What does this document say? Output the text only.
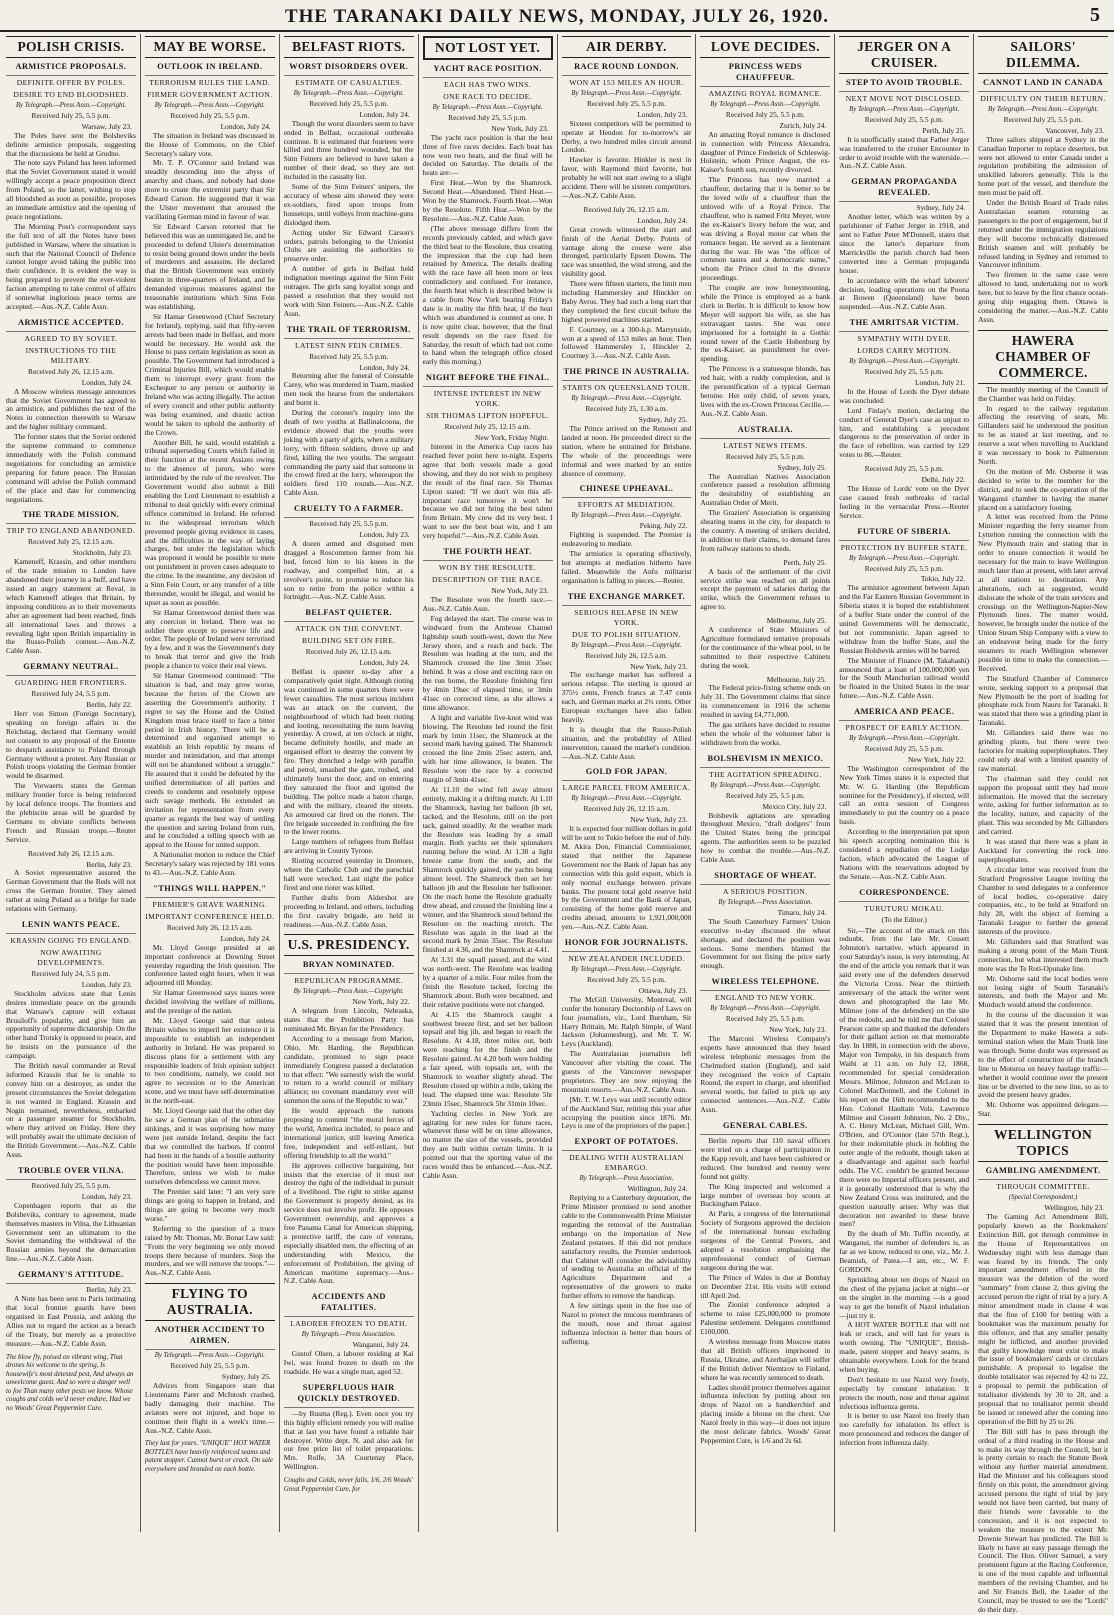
THE TARANAKI DAILY NEWS, MONDAY, JULY 26, 1920.	5
POLISH CRISIS.
ARMISTICE PROPOSALS.
DEFINITE OFFER BY POLES.
DESIRE TO END BLOODSHED.
By Telegraph.—Press Assn.—Copyright.
Received July 25, 5.5 p.m.
Warsaw, July 23.

The Poles have sent the Bolsheviks definite armistice proposals, suggesting that the discussions be held at Grodno.

The note says Poland has been informed that the Soviet Government stated it would willingly accept a peace proposition direct from Poland, so the latter, wishing to stop all bloodshed as soon as possible, proposes an immediate armistice and the opening of peace negotiations.

The Morning Post's correspondent says the full text of all the Notes have been published in Warsaw, where the situation is such that the National Council of Defence cannot longer avoid taking the public into their confidence. It is evident the way is being prepared to prevent the ever-violent faction attempting to take control of affairs if somewhat inglorious peace terms are accepted.—Aus.-N.Z. Cable Assn.

ARMISTICE ACCEPTED.
AGREED TO BY SOVIET.
INSTRUCTIONS TO THE MILITARY.
Received July 26, 12.15 a.m.
London, July 24.

A Moscow wireless message announces that the Soviet Government has agreed to an armistice, and publishes the text of the Notes in connection therewith to Warsaw and the higher military command.

The former states that the Soviet ordered the supreme command to commence immediately with the Polish command negotiations for concluding an armistice preparing for future peace. The Russian command will advise the Polish command of the place and date for commencing negotiations.

THE TRADE MISSION.
TRIP TO ENGLAND ABANDONED.
Received July 25, 12.15 a.m.
Stockholm, July 23.

Kameneff, Krassin, and other members of the trade mission to London have abandoned their journey in a huff, and have issued an angry statement at Reval, in which Kameneff alleges that Britain, by imposing conditions as to their movements after an agreement had been reached, finds all international laws and throws a revealing light upon British impartiality in the Russo-Polish contest.—Aus.-N.Z. Cable Assn.

GERMANY NEUTRAL.
GUARDING HER FRONTIERS.
Received July 24, 5.5 p.m.
Berlin, July 22.

Herr von Simon (Foreign Secretary), speaking on foreign affairs in the Reichstag, declared that Germany would not consent to any proposal of the Entente to despatch assistance to Poland through Germany without a protest. Any Russian or Polish troops violating the German frontier would be disarmed.

The Vorwaerts states the German military frontier force is being reinforced by local defence troops. The frontiers and the plebiscite areas will be guarded by Germans to obviate conflicts between French and Russian troops.—Reuter Service.

Received July 26, 12.15 a.m.
Berlin, July 23.

A Soviet representative assured the German Government that the Reds will not cross the German frontier. They aimed rather at using Poland as a bridge for trade relations with Germany.

LENIN WANTS PEACE.
KRASSIN GOING TO ENGLAND.
NOW AWAITING DEVELOPMENTS.
Received July 24, 5.5 p.m.
London, July 23.

Stockholm advices state that Lenin desires immediate peace on the grounds that Warsaw's capture will exhaust Brusiloff's popularity, and give him an opportunity of supreme dictatorship. On the other hand Trotsky is opposed to peace, and he insists on the pursuance of the campaign.

The British naval commander at Reval informed Krassin that he is unable to convey him on a destroyer, as under the present circumstances the Soviet delegation is not wanted in England. Krassin and Nogin remained, nevertheless, embarked on a passenger steamer for Stockholm, where they arrived on Friday. Here they will probably await the ultimate decision of the British Government.—Aus.-N.Z. Cable Assn.

TROUBLE OVER VILNA.
Received July 25, 5.5 p.m.
London, July 23.

Copenhagen reports that as the Bolsheviks, contrary to agreement, made themselves masters in Vilna, the Lithuanian Government sent an ultimatum to the Soviet demanding the withdrawal of the Russian armies beyond the demarcation line.—Aus.-N.Z. Cable Assn.

GERMANY'S ATTITUDE.
Berlin, July 23.

A Note has been sent to Paris intimating that local frontier guards have been organised in East Prussia, and asking the Allies not to regard the action as a breach of the Treaty, but merely as a protective measure.—Aus.-N.Z. Cable Assn.

The blow fly, poised on vibrant wing, That drones his welcome to the spring, Is housewife's most detested pest, And always an unwelcome guest. And so were a danger well to foe Than many other pests we know. Whose coughs and colds we'd never endure, Had we no Woods' Great Peppermint Cure.
MAY BE WORSE.
OUTLOOK IN IRELAND.
TERRORISM RULES THE LAND.
FIRMER GOVERNMENT ACTION.
By Telegraph.—Press Assn.—Copyright.
Received July 25, 5.5 p.m.
London, July 24.

The situation in Ireland was discussed in the House of Commons, on the Chief Secretary's salary vote.

Mr. T. P. O'Connor said Ireland was steadily descending into the abyss of anarchy and chaos, and nobody had done more to create the extremist party than Sir Edward Carson. He suggested that it was the Ulster movement that aroused the vacillating German mind in favour of war.

Sir Edward Carson retorted that he believed this was an unmitigated lie, and he proceeded to defend Ulster's determination to resist being ground down under the heels of murderers and assassins. He declared that the British Government was entirely beaten in three-quarters of Ireland, and he demanded vigorous measures against the treasonable institutions which Sinn Fein was establishing.

Sir Hamar Greenwood (Chief Secretary for Ireland), replying, said that fifty-seven arrests had been made in Belfast, and more would be necessary. He would ask the House to pass certain legislation as soon as possible. The Government had introduced a Criminal Injuries Bill, which would enable them to interrupt every grant from the Exchequer to any person or authority in Ireland who was acting illegally. The action of every council and other public authority was being examined, and drastic action would be taken to uphold the authority of the Crown.

Another Bill, he said, would establish a tribunal superseding Courts which failed in their function at the recent Assizes owing to the absence of jurors, who were intimidated by the rule of the revolver. The Government would also submit a Bill enabling the Lord Lieutenant to establish a tribunal to deal quickly with every criminal offence committed in Ireland. He referred to the widespread terrorism which prevented people giving evidence in cases, and the difficulties in the way of laying charges, but under the legislation which was proposed it would be possible to mete out punishment in proven cases adequate to the crime. In the meantime, any decision of a Sinn Fein Court, or any transfer of a title thereunder, would be illegal, and would be upset as soon as possible.

Sir Hamar Greenwood denied there was any coercion in Ireland. There was no soldier there except to preserve life and order. The people of Ireland were terrorised by a few, and it was the Government's duty to break that terror and give the Irish people a chance to voice their real views.

Sir Hamar Greenwood continued: "The situation is bad, and may grow worse, because the forces of the Crown are asserting the Government's authority. I regret to say the House and the United Kingdom must brace itself to face a bitter period in Irish history. There will be a determined and organised attempt to establish an Irish republic by means of murder and intimidation, and that attempt will not be abandoned without a struggle." He assured that it could be defeated by the unified determination of all parties and creeds to condemn and resolutely oppose such savage methods. He extended an invitation for representation from every quarter as regards the best way of settling the question and saving Ireland from ruin, and he concluded a telling speech with an appeal to the House for united support.

A Nationalist motion to reduce the Chief Secretary's salary was rejected by 181 votes to 43.—Aus.-N.Z. Cable Assn.

"THINGS WILL HAPPEN."
PREMIER'S GRAVE WARNING.
IMPORTANT CONFERENCE HELD.
Received July 26, 12.15 a.m.
London, July 24.

Mr. Lloyd George presided at an important conference at Downing Street yesterday regarding the Irish question. The conference lasted eight hours, when it was adjourned till Monday.

Sir Hamar Greenwood says issues were decided involving the welfare of millions, and the prestige of the nation.

Mr. Lloyd George said that unless Britain wishes to imperil her existence it is impossible to establish an independent authority in Ireland. He was prepared to discuss plans for a settlement with any responsible leaders of Irish opinion subject to two conditions, namely, we could not agree to secession or to the American scene, and we must have self-determination in the north-east.

Mr. Lloyd George said that the other day he saw a German plan of the submarine sinkings, and it was surprising how many were just outside Ireland, despite the fact that we controlled the harbors. If control had been in the hands of a hostile authority the position would have been impossible. Therefore, unless we wish to make ourselves defenceless we cannot move.

The Premier said later: "I am very sure things are going to happen in Ireland, and things are going to become very much worse."

Referring to the question of a truce raised by Mr. Thomas, Mr. Bonar Law said: "From the very beginning we only moved troops there because of murders. Stop the murders, and we will remove the troops."—Aus.-N.Z. Cable Assn.

FLYING TO AUSTRALIA.
ANOTHER ACCIDENT TO AIRMEN.
By Telegraph.—Press Assn.—Copyright.
Received July 25, 5.5 p.m.
Sydney, July 25.

Advices from Singapore state that Lieutenants Parer and McIntosh crashed, badly damaging their machine. The aviators were not injured, and hope to continue their flight in a week's time.—Aus.-N.Z. Cable Assn.

They last for years. "UNIQUE" HOT WATER BOTTLES have heavily reinforced seams and patent stopper. Cannot burst or crack. On sale everywhere and branded on each bottle.
BELFAST RIOTS.
WORST DISORDERS OVER.
ESTIMATE OF CASUALTIES.
By Telegraph.—Press Assn.—Copyright.
Received July 25, 5.5 p.m.
London, July 24.

Though the worst disorders seem to have ended in Belfast, occasional outbreaks continue. It is estimated that fourteen were killed and three hundred wounded, but the Sinn Feiners are believed to have taken a number of their dead, so they are not included in the casualty list.

Some of the Sinn Feiners' snipers, the accuracy of whose aim showed they were ex-soldiers, fired upon troops from housetops, until volleys from machine-guns dislodged them.

Acting under Sir Edward Carson's orders, patrols belonging to the Unionist Clubs are assisting the authorities to preserve order.

A number of girls in Belfast held indignation meetings against the Sinn Fein outrages. The girls sang loyalist songs and passed a resolution that they would not work with Sinn Feiners.—Aus.-N.Z. Cable Assn.

THE TRAIL OF TERRORISM.
LATEST SINN FEIN CRIMES.
Received July 25, 5.5 p.m.
London, July 24.

Returning after the funeral of Constable Carey, who was murdered in Tuam, masked men took the hearse from the undertakers and burnt it.

During the coroner's inquiry into the death of two youths at Ballinalcoona, the evidence showed that the youths were joking with a party of girls, when a military lorry, with fifteen soldiers, drove up and fired, killing the two youths. The sergeant commanding the party said that someone in the crowd fired at the lorry, whereupon the soldiers fired 110 rounds.—Aus.-N.Z. Cable Assn.

CRUELTY TO A FARMER.
Received July 25, 5.5 p.m.
London, July 23.

A dozen armed and disguised men dragged a Roscommon farmer from his bed, forced him to his knees in the roadway, and compelled him, at a revolver's point, to promise to induce his son to retire from the police within a fortnight.—Aus.-N.Z. Cable Assn.

BELFAST QUIETER.
ATTACK ON THE CONVENT.
BUILDING SET ON FIRE.
Received July 26, 12.15 a.m.
London, July 24.

Belfast is quieter to-day after a comparatively quiet night. Although rioting was continued in some quarters there were fewer casualties. The most serious incident was an attack on the convent, the neighbourhood of which had been rioting and looting, necessitating the nuns leaving yesterday. A crowd, at ten o'clock at night, became definitely hostile, and made an organised effort to destroy the convent by fire. They drenched a ledge with paraffin and petrol, smashed the gate, rushed, and ultimately burst the door, and on entering they saturated the floor and ignited the building. The police made a baton charge, and with the military, cleared the streets. An armoured car fired on the rioters. The fire brigade succeeded in confining the fire to the lower rooms.

Large numbers of refugees from Belfast are arriving in County Tyrone.

Rioting occurred yesterday in Dromore, where the Catholic Club and the parochial hall were wrecked. Last night the police fired and one rioter was killed.

Further drafts from Aldershot are proceeding to Ireland, and others, including the first cavalry brigade, are held in readiness.—Aus.-N.Z. Cable Assn.

U.S. PRESIDENCY.
BRYAN NOMINATED.
REPUBLICAN PROGRAMME.
By Telegraph.—Press Assn.—Copyright.
New York, July 22.

A telegram from Lincoln, Nebraska, states that the Prohibition Party has nominated Mr. Bryan for the Presidency.

According to a message from Marion, Ohio, Mr. Harding, the Republican candidate, promised to sign peace immediately Congress passed a declaration to that effect: "We earnestly wish the world to return to a world council or military alliance; no covenant mandatory ever will summon the sons of the Republic to war."

He would approach the nations proposing to commit "the moral forces of the world, America included, to peace and international justice, still leaving America free, independent and self-reliant, but offering friendship to all the world."

He approves collective bargaining, but insists that the exercise of it must not destroy the right of the individual in pursuit of a livelihood. The right to strike against the Government is properly denied, as its service does not involve profit. He opposes Government ownership, and approves a free Panama Canal for American shipping, a protective tariff, the care of veterans, especially disabled men, the effecting of an understanding with Mexico, the enforcement of Prohibition, the giving of American maritime supremacy.—Aus.-N.Z. Cable Assn.

ACCIDENTS AND FATALITIES.
LABORER FROZEN TO DEATH.
By Telegraph.—Press Association.
Wanganui, July 24.

Gustof Olsen, a laborer residing at Kai Iwi, was found frozen to death on the roadside. He was a single man, aged 52.

SUPERFLUOUS HAIR QUICKLY DESTROYED.

—by Rusma (Reg.). Even once you try this highly efficient remedy you will realise that at last you have found a reliable hair destroyer. Write dept. N. and also ask for our free price list of toilet preparations. Mrs. Rolfe, 3A Courtenay Place, Wellington.

Coughs and Colds, never fails, 1/6, 2/6 Woods' Great Peppermint Cure, for
NOT LOST YET.
YACHT RACE POSITION.
EACH HAS TWO WINS.
ONE RACE TO DECIDE.
By Telegraph.—Press Assn.—Copyright.
Received July 25, 5.5 p.m.
New York, July 23.

The yacht race position is that the best three of five races decides. Each boat has now won two heats, and the final will be decided on Saturday. The details of the heats are:—

First Heat.—Won by the Shamrock. Second Heat.—Abandoned. Third Heat.—Won by the Shamrock. Fourth Heat.—Won by the Resolute. Fifth Heat.—Won by the Resolute.—Aus.-N.Z. Cable Assn.

(The above message differs from the records previously cabled, and which gave the third heat to the Resolute, thus creating the impression that the cup had been retained by America. The details dealing with the race have all been more or less contradictory and confused. For instance, the fourth heat which is described below is a cable from New York bearing Friday's date is in reality the fifth heat, if the heat which was abandoned is counted as one. It is now quite clear, however, that the final result depends on the race fixed for Saturday, the result of which had not come to hand when the telegraph office closed early this morning.)

NIGHT BEFORE THE FINAL.
INTENSE INTEREST IN NEW YORK.
SIR THOMAS LIPTON HOPEFUL.
Received July 25, 12.15 a.m.
New York, Friday Night.

Interest in the America Cup races has reached fever point here to-night. Experts agree that both vessels made a good showing, and they do not wish to prophesy the result of the final race. Sir Thomas Lipton stated: "If we don't win this all-important race tomorrow it won't be because we did not bring the best talent from Britain. My crew did its very best. I want to see the best boat win, and I am very hopeful."—Aus.-N.Z. Cable Assn.

THE FOURTH HEAT.
WON BY THE RESOLUTE.
DESCRIPTION OF THE RACE.
New York, July 23.

The Resolute won the fourth race.—Aus.-N.Z. Cable Assn.

Fog delayed the start. The course was to windward from the Ambrose Channel lightship south south-west, down the New Jersey shore, and a reach and back. The Resolute was leading at the turn, and the Shamrock crossed the line 3min 35sec behind. It was a close and exciting race on the run home, the Resolute finishing first by 4min 19sec of elapsed time, or 3min 41sec on corrected time, as she allows a time allowance.

A light and variable five-knot wind was blowing. The Resolute led round the first mark by 1min 11sec, the Shamrock at the second mark having gained. The Shamrock crossed the line 2min 25sec astern, and, with her time allowance, is beaten. The Resolute won the race by a corrected margin of 3min 41sec.

At 11.10 the wind fell away almost entirely, making it a drifting match. At 1.10 the Shamrock, having her balloon jib set, tacked, and the Resolute, still on the port tack, gained steadily. At the weather mark the Resolute was leading by a small margin. Both yachts set their spinnakers running before the wind. At 1.30 a light breeze came from the south, and the Shamrock quickly gained, the yachts being almost level. The Shamrock then set her balloon jib and the Resolute her ballooner. On the reach home the Resolute gradually drew ahead, and crossed the finishing line a winner, and the Shamrock stood behind the Resolute on the reaching stretch. The Resolute was again in the lead at the second mark by 2min 35sec. The Resolute finished at 4.36, and the Shamrock at 4.41.

At 3.31 the squall passed, and the wind was north-west. The Resolute was leading by a quarter of a mile. Four miles from the finish the Resolute tacked, forcing the Shamrock about. Both were becalmed, and their relative positions were not changed.

At 4.15 the Shamrock caught a southwest breeze first, and set her balloon topsail and big jib, and began to reach the Resolute. At 4.18, three miles out, both were reaching for the finish and the Resolute gained. At 4.20 both were holding a fair speed, with topsails set, with the Shamrock to weather slightly ahead. The Resolute closed up within a mile, taking the lead. The elapsed time was: Resolute 5hr 23min 15sec, Shamrock 5hr 31min 10sec.

Yachting circles in New York are agitating for new rules for future races, whenever these will be on time allowance, no matter the size of the vessels, provided they are built within certain limits. It is pointed out that the sporting value of the races would thus be enhanced.—Aus.-N.Z. Cable Assn.

AIR DERBY.
RACE ROUND LONDON.
WON AT 153 MILES AN HOUR.
By Telegraph.—Press Assn.—Copyright.
Received July 25, 5.5 p.m.
London, July 23.

Sixteen competitors will be permitted to operate at Hendon for to-morrow's air Derby, a two hundred miles circuit around London.

Hawker is favorite. Hinkler is next in favor, with Raymond third favorite, but probably he will not start owing to a slight accident. There will be sixteen competitors.—Aus.-N.Z. Cable Assn.

Received July 26, 12.15 a.m.
London, July 24.

Great crowds witnessed the start and finish of the Aerial Derby. Points of vantage along the course were also thronged, particularly Epsom Downs. The race was unsettled, the wind strong, and the visibility good.

There were fifteen starters, the limit men including Hammersley and Hinckler on Baby Avros. They had such a long start that they completed the first circuit before the highest powered machines started.

F. Courtney, on a 300-h.p. Martynside, won at a speed of 153 miles an hour. Then followed Hammersley 1, Hinckler 2, Courtney 3.—Aus.-N.Z. Cable Assn.

THE PRINCE IN AUSTRALIA.
STARTS ON QUEENSLAND TOUR.
By Telegraph.—Press Assn.—Copyright.
Received July 25, 1.30 a.m.
Sydney, July 25.

The Prince arrived on the Renown and landed at noon. He proceeded direct to the station, where he entrained for Brisbane. The whole of the proceedings were informal and were marked by an entire absence of ceremony.

CHINESE UPHEAVAL.
EFFORTS AT MEDIATION.
By Telegraph.—Press Assn.—Copyright.
Peking, July 22.

Fighting is suspended. The Premier is endeavoring to mediate.

The armistice is operating effectively, but attempts at mediation hitherto have failed. Meanwhile the Anfu militarist organisation is falling to pieces.—Reuter.

THE EXCHANGE MARKET.
SERIOUS RELAPSE IN NEW YORK.
DUE TO POLISH SITUATION.
By Telegraph.—Press Assn.—Copyright.
Received July 26, 12.5 a.m.
New York, July 23.

The exchange market has suffered a serious relapse. The sterling is quoted at 375½ cents, French francs at 7.47 cents each, and German marks at 2½ cents. Other European exchanges have also fallen heavily.

It is thought that the Russo-Polish situation, and the probability of Allied intervention, caused the market's condition.—Aus.-N.Z. Cable Assn.

GOLD FOR JAPAN.
LARGE PARCEL FROM AMERICA.
By Telegraph.—Press Assn.—Copyright.
Received July 26, 12.15 a.m.
New York, July 23.

It is expected four million dollars in gold will be sent to Tokio before the end of July. M. Akira Don, Financial Commissioner, stated that neither the Japanese Government nor the Bank of Japan has any connection with this gold export, which is only normal exchange between private banks. The present total gold reserve held by the Government and the Bank of Japan, consisting of the home gold reserve and credits abroad, amounts to 1,921,000,000 yen.—Aus.-N.Z. Cable Assn.

HONOR FOR JOURNALISTS.
NEW ZEALANDER INCLUDED.
By Telegraph.—Press Assn.—Copyright.
Received July 25, 5.5 p.m.
Ottawa, July 23.

The McGill University, Montreal, will confer the honorary Doctorship of Laws on four journalists, viz., Lord Burnham, Sir Harry Brittain, Mr. Ralph Simple, of Ward Jackson (Johannesburg), and Mr. T. W. Leys (Auckland).

The Australasian journalists left Vancouver after visiting the coast. The guests of the Vancouver newspaper proprietors. They are now enjoying the mountain resorts.—Aus.-N.Z. Cable Assn.

[Mr. T. W. Leys was until recently editor of the Auckland Star, retiring this year after occupying the position since 1876. Mr. Leys is one of the proprietors of the paper.]

EXPORT OF POTATOES.
DEALING WITH AUSTRALIAN EMBARGO.
By Telegraph.—Press Association.
Wellington, July 24.

Replying to a Canterbury deputation, the Prime Minister promised to send another cable to the Commonwealth Prime Minister regarding the removal of the Australian embargo on the importation of New Zealand potatoes. If this did not produce satisfactory results, the Premier undertook that Cabinet will consider the advisability of sending to Australia an official of the Agriculture Department and a representative of the growers to make further efforts to remove the handicap.

A few sittings spent in the free use of Nazol to protect the mucous membranes of the mouth, nose and throat against influenza infection is better than hours of suffering.

LOVE DECIDES.
PRINCESS WEDS CHAUFFEUR.
AMAZING ROYAL ROMANCE.
By Telegraph.—Press Assn.—Copyright.
Received July 25, 5.5 p.m.
Zurich, July 24.

An amazing Royal romance is disclosed in connection with Princess Alexandra, daughter of Prince Frederick of Schleswig-Holstein, whom Prince August, the ex-Kaiser's fourth son, recently divorced.

The Princess has now married a chauffeur, declaring that it is better to be the loved wife of a chauffeur than the unloved wife of a Royal Prince. The chauffeur, who is named Fritz Meyer, wore the ex-Kaiser's livery before the war, and was driving a Royal motor car when the romance began. He served as a lieutenant during the war. He was "the officer of common tastes and a democratic name," whom the Prince cited in the divorce proceedings.

The couple are now honeymooning, while the Prince is employed as a bank clerk in Berlin. It is difficult to know how Meyer will support his wife, as she has extravagant tastes. She was once imprisoned for a fortnight in a Gothic round tower of the Castle Hohenburg by the ex-Kaiser, as punishment for over-spending.

The Princess is a statuesque blonde, has red hair, with a ruddy complexion, and is the personification of a typical German heroine. Her only child, of seven years, lives with the ex-Crown Princess Cecilie.—Aus.-N.Z. Cable Assn.

AUSTRALIA.
LATEST NEWS ITEMS.
Received July 25, 5.5 p.m.
Sydney, July 25.

The Australian Natives Association conference passed a resolution affirming the desirability of establishing an Australian Order of Merit.

The Graziers' Association is organising shearing teams in the city, for despatch to the country. A meeting of strikers decided, in addition to their claims, to demand fares from railway stations to sheds.

Perth, July 25.

A basis of the settlement of the civil service strike was reached on all points except the payment of salaries during the strike, which the Government refuses to agree to.

Melbourne, July 25.

A conference of State Ministers of Agriculture formulated tentative proposals for the continuance of the wheat pool, to be submitted to their respective Cabinets during the week.

Melbourne, July 25.

The Federal price-fixing scheme ends on July 31. The Government claims that since its commencement in 1916 the scheme resulted in saving £4,771,000.

The gas strikers have decided to resume when the whole of the volunteer labor is withdrawn from the works.

BOLSHEVISM IN MEXICO.
THE AGITATION SPREADING.
By Telegraph.—Press Assn.—Copyright.
Received July 25, 5.5 p.m.
Mexico City, July 23.

Bolshevik agitations are spreading throughout Mexico, "draft dodgers" from the United States being the principal agents. The authorities seem to be puzzled how to combat the trouble.—Aus.-N.Z. Cable Assn.

SHORTAGE OF WHEAT.
A SERIOUS POSITION.
By Telegraph.—Press Association.
Timaru, July 24.

The South Canterbury Farmers' Union executive to-day discussed the wheat shortage, and declared the position was serious. Some members blamed the Government for not fixing the price early enough.

WIRELESS TELEPHONE.
ENGLAND TO NEW YORK.
By Telegraph.—Press Assn.—Copyright.
Received July 25, 5.5 p.m.
New York, July 23.

The Marconi Wireless Company's experts have announced that they heard wireless telephonic messages from the Chelmsford station (England), and said they recognised the voice of Captain Round, the expert in charge, and identified several words, but failed to pick up any connected sentences.—Aus.-N.Z. Cable Assn.

GENERAL CABLES.

Berlin reports that 110 naval officers were tried on a charge of participation in the Kapp revolt, and have been cashiered or reduced. One hundred and twenty were found not guilty.

The King inspected and welcomed a large number of overseas boy scouts at Buckingham Palace.

At Paris, a congress of the International Society of Surgeons approved the decision of the international bureau excluding surgeons of the Central Powers, and adopted a resolution emphasising the unprofessional conduct of German surgeons during the war.

The Prince of Wales is due at Bombay on December 21st. His visits will extend till April 2nd.

The Zionist conference adopted a scheme to raise £25,000,000 to promote Palestine settlement. Delegates contributed £100,000.

A wireless message from Moscow states that all British officers imprisoned in Russia, Ukraine, and Azerbaijan will suffer if the British deliver Niemtzov to Finland, where he was recently sentenced to death.

Ladies should protect themselves against influenza infection by putting about ten drops of Nazol on a handkerchief and placing inside a blouse on the chest. Use Nazol freely in this way—it does not injure the most delicate fabrics. Woods' Great Peppermint Cure, is 1/6 and 2s 6d.

JERGER ON A CRUISER.
STEP TO AVOID TROUBLE.
NEXT MOVE NOT DISCLOSED.
By Telegraph.—Press Assn.—Copyright.
Received July 25, 5.5 p.m.
Perth, July 25.

It is unofficially stated that Father Jerger was transferred to the cruiser Encounter in order to avoid trouble with the waterside.—Aus.-N.Z. Cable Assn.

GERMAN PROPAGANDA REVEALED.
Sydney, July 24.

Another letter, which was written by a parishioner of Father Jerger in 1918, and sent to Father Peter M'Donnell, states that since the latter's departure from Marrickville the parish church had been converted into a German propaganda house.

In accordance with the wharf laborers' decision, loading operations on the Poona at Bowen (Queensland) have been suspended.—Aus.-N.Z. Cable Assn.

THE AMRITSAR VICTIM.
SYMPATHY WITH DYER.
LORDS CARRY MOTION.
By Telegraph.—Press Assn.—Copyright.
Received July 25, 5.5 p.m.
London, July 21.

In the House of Lords the Dyer debate was concluded.

Lord Finlay's motion, declaring the conduct of General Dyer's case as unjust to him, and establishing a precedent dangerous to the preservation of order in the face of rebellion, was carried by 129 votes to 86.—Reuter.

Received July 25, 5.5 p.m.
Delhi, July 22.

The House of Lords' vote on the Dyer case caused fresh outbreaks of racial feeling in the vernacular Press.—Reuter Service.

FUTURE OF SIBERIA.
PROTECTION BY BUFFER STATE.
By Telegraph.—Press Assn.—Copyright.
Received July 25, 5.5 p.m.
Tokio, July 22.

The armistice agreement between Japan and the Far Eastern Russian Government in Siberia states it is hoped the establishment of a buffer State under the control of the united Governments will be democratic, but not communistic. Japan agreed to withdraw from the buffer State, and the Russian Bolshevik armies will be barred.

The Minister of Finance (M. Takahashi) announced that a loan of 100,000,000 yen for the South Manchurian railroad would be floated in the United States in the near future.—Aus.-N.Z. Cable Assn.

AMERICA AND PEACE.
PROSPECT OF EARLY ACTION.
By Telegraph.—Press Assn.—Copyright.
Received July 25, 5.5 p.m.
New York, July 22.

The Washington correspondent of the New York Times states it is expected that Mr. W. G. Harding (the Republican nominee for the Presidency), if elected, will call an extra session of Congress immediately to put the country on a peace basis.

According to the interpretation put upon his speech accepting nomination this is considered a repudiation of the Lodge faction, which advocated the League of Nations with the reservations adopted by the Senate.—Aus.-N.Z. Cable Assn.

CORRESPONDENCE.
TURUTURU MOKAU.
(To the Editor.)

Sir,—The account of the attack on this redoubt, from the late Mr. Cossett Johnston's narrative, which appeared in your Saturday's issue, is very interesting. At the end of the article you remark that it was said every one of the defenders deserved the Victoria Cross. Near the thirtieth anniversary of the attack the writer went down and photographed the late Mr. Milmoe (one of the defenders) on the site of the redoubt, and he told me that Colonel Pearson came up and thanked the defenders for their gallant action on that memorable day. In 1888, in connection with the above, Major von Tempsky, in his despatch from Waihi at 11 a.m. on July 12, 1868, recommended for special consideration Messrs. Milmoe, Johnston and McLean to Colonel MacDonnell, and the Colonel in his report on the 16th recommended to the Hon. Colonel Haultain Vols. Lawrence Milmoe and Cossett Johnston, No. 2 Div., A. C. Henry McLean, Michael Gill, Wm. O'Brien, and O'Connor (late 57th Regt.), for their indomitable pluck in holding the outer angle of the redoubt, though taken at a disadvantage and against such fearful odds. The V.C. couldn't be granted because there were no Imperial officers present, and it is generally understood that is why the New Zealand Cross was instituted, and the question naturally arises: Why was that decoration not awarded to these brave men?

By the death of Mr. Tuffin recently, at Wanganui, the number of defenders is, as far as we know, reduced to one, viz., Mr. J. Beamish, of Patea.—I am, etc., W. F. GORDON.

Sprinkling about ten drops of Nazol on the chest of the pyjama jacket at night—or on the singlet in the morning —is a good way to get the benefit of Nazol inhalation—just try it.

A HOT WATER BOTTLE that will not leak or crack, and will last for years is worth owning. The "UNIQUE", British-made, patent stopper and heavy seams, is obtainable everywhere. Look for the brand when buying.

Don't hesitate to use Nazol very freely, especially by constant inhalation. It protects the mouth, nose and throat against infectious influenza germs.

It is better to use Nazol too freely than too carefully for inhalation. Its effect is more pronounced and reduces the danger of infection from influenza daily.

SAILORS' DILEMMA.
CANNOT LAND IN CANADA
DIFFICULTY ON THEIR RETURN.
By Telegraph.—Press Assn.—Copyright.
Received July 25, 5.5 p.m.
Vancouver, July 23.

Three sailors shipped at Sydney in the Canadian Importer to replace deserters, but were not allowed to enter Canada under a regulation prohibiting the admission of unskilled laborers generally. This is the home port of the vessel, and therefore the men must be paid off.

Under the British Board of Trade rules Australasian seamen returning as passengers to the port of engagement, but if returned under the immigration regulations they will become technically distressed British seamen and will probably be refused landing in Sydney and returned to Vancouver infinitum.

Two firemen in the same case were allowed to land, undertaking not to work here, but to leave by the first chance ocean-going ship engaging them. Ottawa is considering the matter.—Aus.-N.Z. Cable Assn.

HAWERA CHAMBER OF COMMERCE.

The monthly meeting of the Council of the Chamber was held on Friday.

In regard to the railway regulation affecting the reserving of seats, Mr. Gillanders said he understood the position to be as stated at last meeting, and to reserve a seat when travelling to Auckland it was necessary to book to Palmerston North.

On the motion of Mr. Osborne it was decided to write to the member for the district, and to seek the co-operation of the Wanganui chamber in having the matter placed on a satisfactory footing.

A letter was received from the Prime Minister regarding the ferry steamer from Lyttelton running the connection with the New Plymouth train and stating that in order to ensure connection it would be necessary for the train to leave Wellington much later than at present, with later arrival at all stations to destination. Any alterations, such as suggested, would dislocate the whole of the train services and crossings on the Wellington-Napier-New Plymouth lines. The matter would, however, be brought under the notice of the Union Steam Ship Company with a view to an endeavour being made for the ferry steamers to reach Wellington whenever possible in time to make the connection.—Received.

The Stratford Chamber of Commerce wrote, seeking support to a proposal that New Plymouth be the port of loading for phosphate rock from Nauru for Taranaki. It was stated that there was a grinding plant in Taranaki.

Mr. Gillanders said there was no grinding plants, but there were two factories for making superphosphates. They could only deal with a limited quantity of raw material.

The chairman said they could not support the proposal until they had more information. He moved that the secretary write, asking for further information as to the locality, nature, and capacity of the plant. This was seconded by Mr. Gillanders and carried.

It was stated that there was a plant in Auckland for converting the rock into superphosphates.

A circular letter was received from the Stratford Progressive League inviting the Chamber to send delegates to a conference of local bodies, co-operative dairy companies, etc., to be held at Stratford on July 28, with the object of forming a Taranaki League to further the general interests of the province.

Mr. Gillanders said that Stratford was making a strong point of the Main Trunk connection, but what interested them much more was the Te Roti-Opunake line.

Mr. Osborne said the local bodies were not losing sight of South Taranaki's interests, and both the Mayor and Mr. Murdoch would attend the conference.

In the course of the discussion it was stated that it was the present intention of the Department to make Hawera a sub-terminal station when the Main Trunk line was through. Some doubt was expressed as to the effect of construction of the branch line to Moturoa on heavy haulage traffic—whether it would continue over the present line or be diverted to the new line, so as to avoid the present heavy grades.

Mr. Osborne was appointed delegate.—Star.

WELLINGTON TOPICS
GAMBLING AMENDMENT.
THROUGH COMMITTEE.
(Special Correspondent.)
Wellington, July 23.

The Gaming Act Amendment Bill, popularly known as the Bookmakers' Extinction Bill, got through committee in the House of Representatives on Wednesday night with less damage than was feared by its friends. The only important amendment effected in the measure was the deletion of the word "summary" from clause 2, thus giving the accused person the right of trial by a jury. A minor amendment made in clause 4 was that the fine of £100 for betting with a bookmaker was the maximum penalty for this offence, and that any smaller penalty might be inflicted, and another provided that guilty knowledge must exist to make the issue of bookmakers' cards or circulars punishable. A proposal to legalise the double totalisator was rejected by 42 to 22, a proposal to permit the publication of totalisator dividends by 30 to 28, and a proposal that no totalisator permit should be issued or renewed after the coming into operation of the Bill by 25 to 26.

The Bill still has to pass through the ordeal of a third reading in the House and to make its way through the Council, but it is pretty certain to reach the Statute Book without any further material amendment. Had the Minister and his colleagues stood firmly on this point, the amendment giving accused persons the right of trial by jury would not have been carried, but many of their friends were favorable to the concession, and it is not expected to weaken the measure to the extent Mr. Downie Stewart has predicted. The Bill is likely to have an easy passage through the Council. The Hon. Oliver Samuel, a very prominent figure at the Racing Conference, is one of the most capable and influential members of the revising Chamber, and he and Sir Francis Bell, the Leader of the Council, may be trusted to see the "Lords" do their duty.
